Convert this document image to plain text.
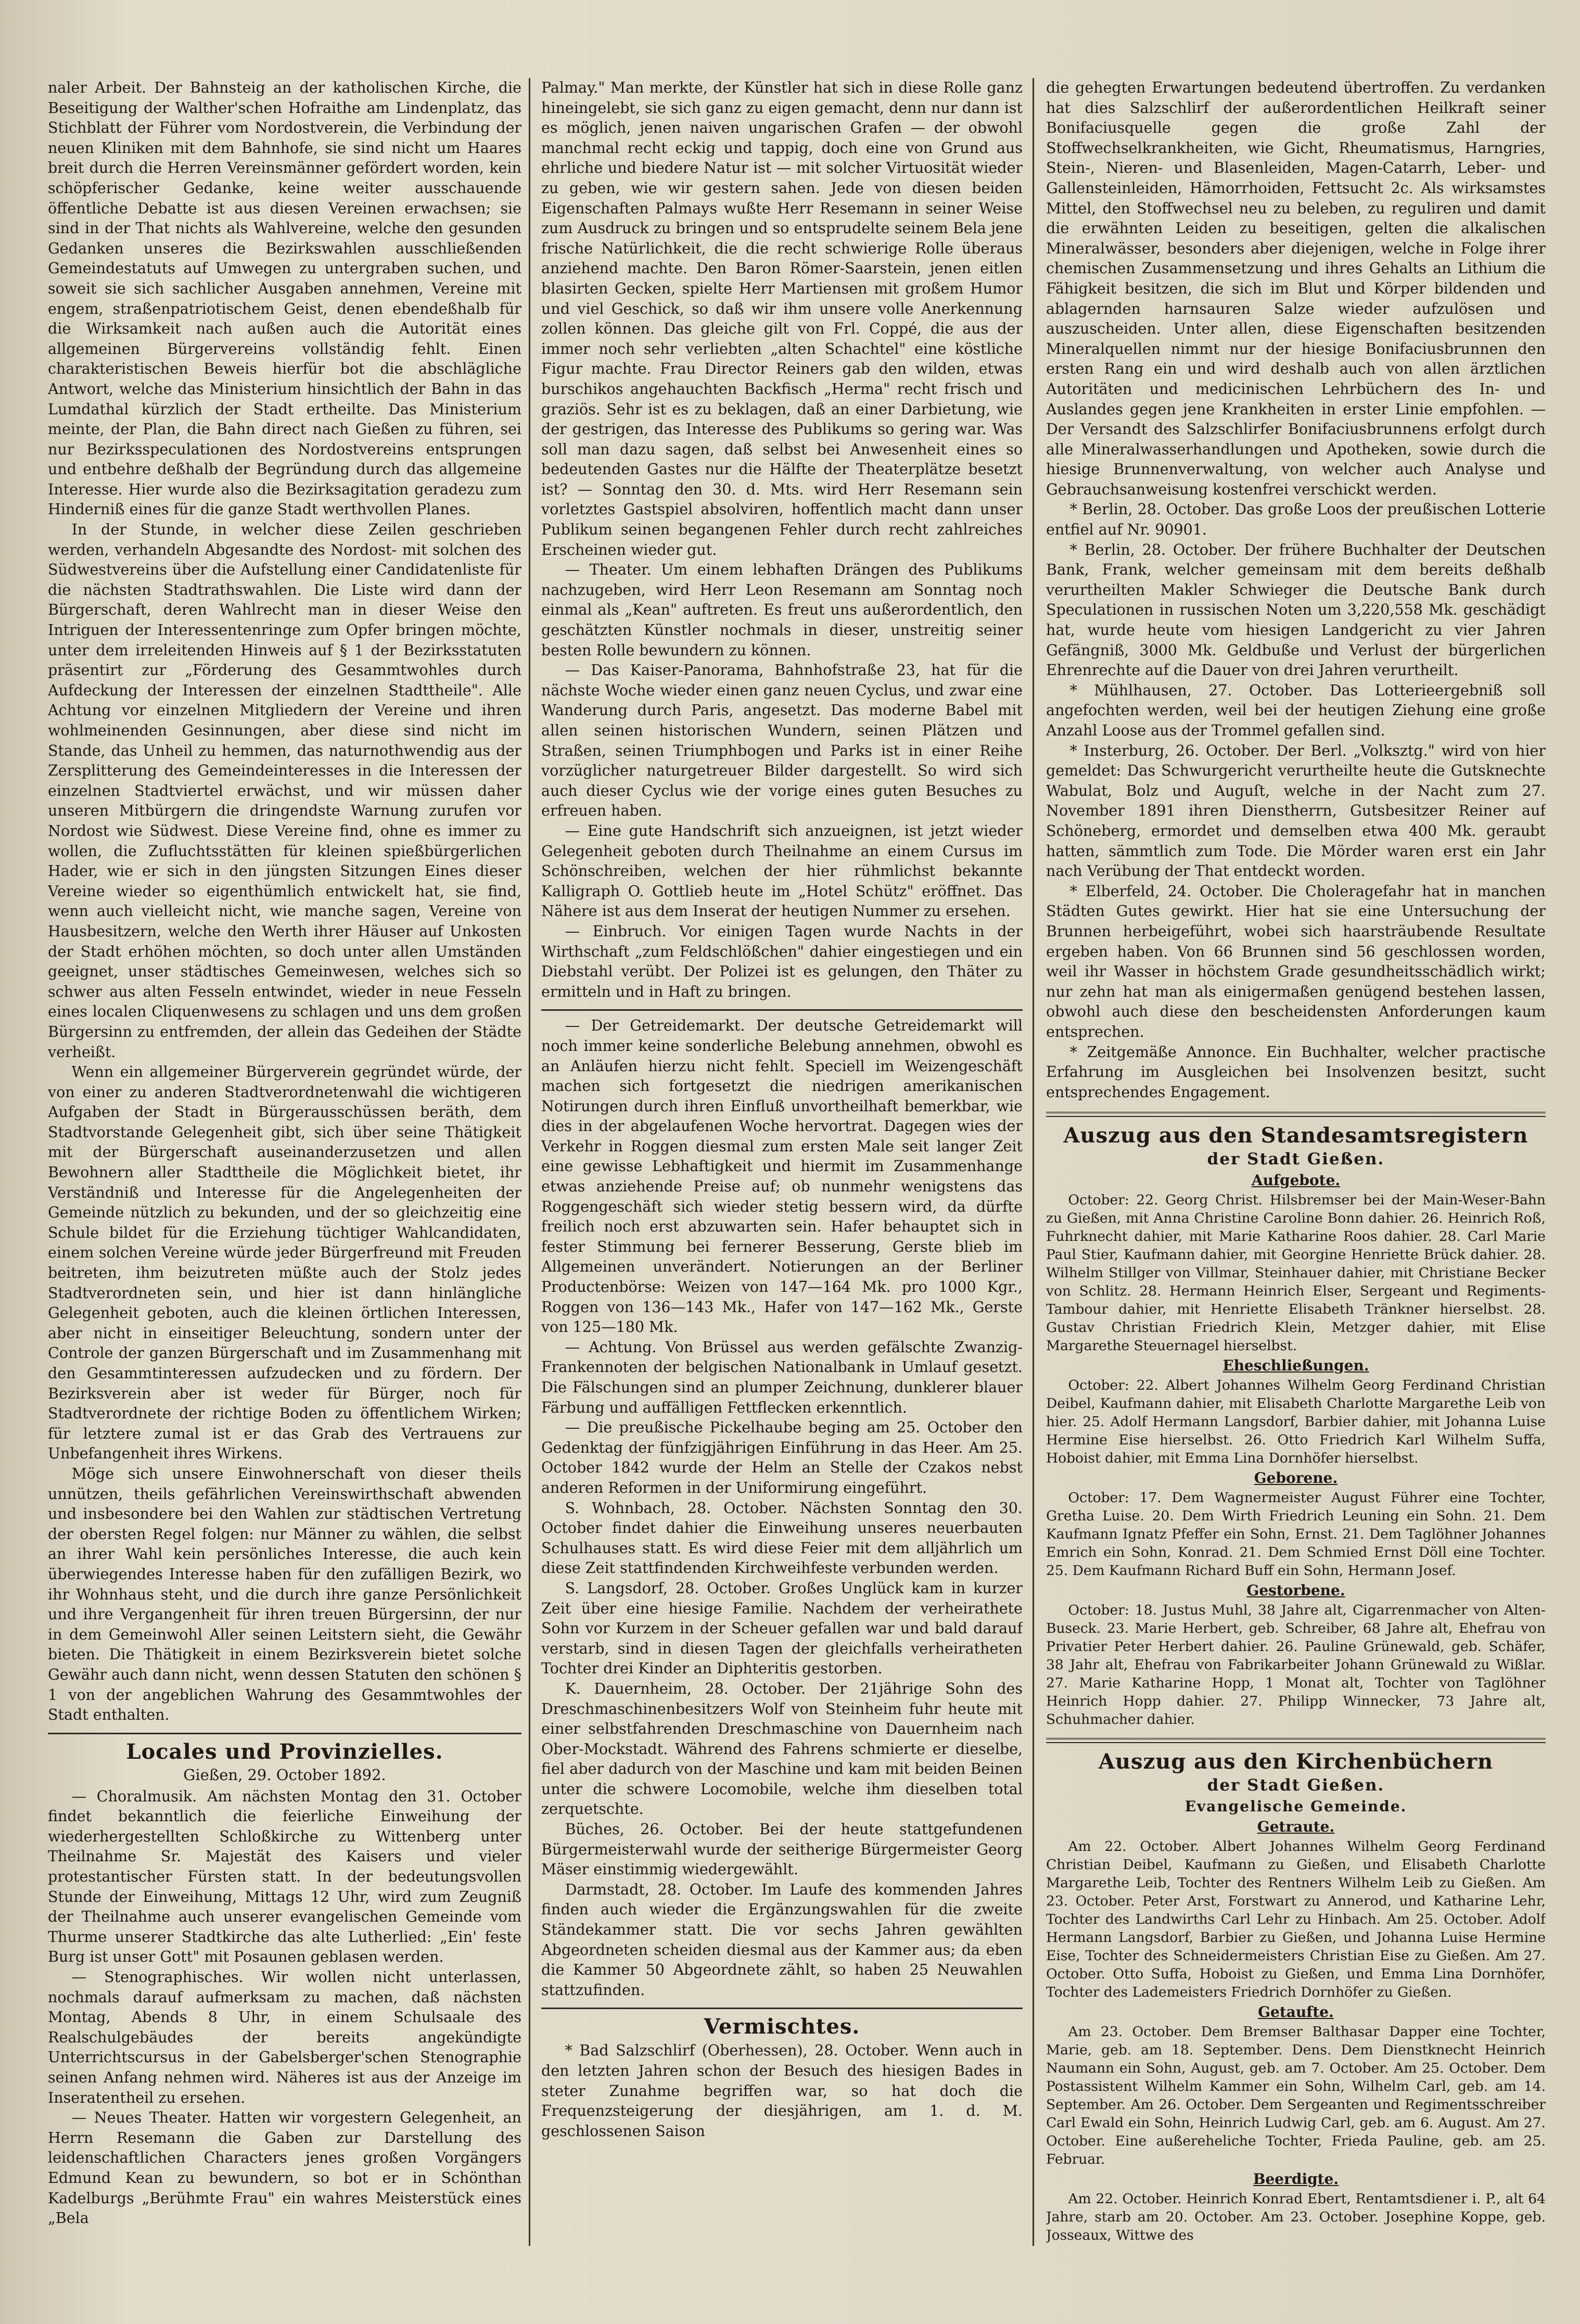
naler Arbeit. Der Bahnsteig an der katholischen Kirche, die Beseitigung der Walther'schen Hofraithe am Lindenplatz, das Stichblatt der Führer vom Nordostverein, die Verbindung der neuen Kliniken mit dem Bahnhofe, sie sind nicht um Haares breit durch die Herren Vereinsmänner gefördert worden, kein schöpferischer Gedanke, keine weiter ausschauende öffentliche Debatte ist aus diesen Vereinen erwachsen; sie sind in der That nichts als Wahlvereine, welche den gesunden Gedanken unseres die Bezirkswahlen ausschließenden Gemeindestatuts auf Umwegen zu untergraben suchen, und soweit sie sich sachlicher Ausgaben annehmen, Vereine mit engem, straßenpatriotischem Geist, denen ebendeßhalb für die Wirksamkeit nach außen auch die Autorität eines allgemeinen Bürgervereins vollständig fehlt. Einen charakteristischen Beweis hierfür bot die abschlägliche Antwort, welche das Ministerium hinsichtlich der Bahn in das Lumdathal kürzlich der Stadt ertheilte. Das Ministerium meinte, der Plan, die Bahn direct nach Gießen zu führen, sei nur Bezirksspeculationen des Nordostvereins entsprungen und entbehre deßhalb der Begründung durch das allgemeine Interesse. Hier wurde also die Bezirksagitation geradezu zum Hinderniß eines für die ganze Stadt werthvollen Planes.

In der Stunde, in welcher diese Zeilen geschrieben werden, verhandeln Abgesandte des Nordost- mit solchen des Südwestvereins über die Aufstellung einer Candidatenliste für die nächsten Stadtrathswahlen. Die Liste wird dann der Bürgerschaft, deren Wahlrecht man in dieser Weise den Intriguen der Interessentenringe zum Opfer bringen möchte, unter dem irreleitenden Hinweis auf § 1 der Bezirksstatuten präsentirt zur „Förderung des Gesammtwohles durch Aufdeckung der Interessen der einzelnen Stadttheile". Alle Achtung vor einzelnen Mitgliedern der Vereine und ihren wohlmeinenden Gesinnungen, aber diese sind nicht im Stande, das Unheil zu hemmen, das naturnothwendig aus der Zersplitterung des Gemeindeinteresses in die Interessen der einzelnen Stadtviertel erwächst, und wir müssen daher unseren Mitbürgern die dringendste Warnung zurufen vor Nordost wie Südwest. Diese Vereine find, ohne es immer zu wollen, die Zufluchtsstätten für kleinen spießbürgerlichen Hader, wie er sich in den jüngsten Sitzungen Eines dieser Vereine wieder so eigenthümlich entwickelt hat, sie find, wenn auch vielleicht nicht, wie manche sagen, Vereine von Hausbesitzern, welche den Werth ihrer Häuser auf Unkosten der Stadt erhöhen möchten, so doch unter allen Umständen geeignet, unser städtisches Gemeinwesen, welches sich so schwer aus alten Fesseln entwindet, wieder in neue Fesseln eines localen Cliquenwesens zu schlagen und uns dem großen Bürgersinn zu entfremden, der allein das Gedeihen der Städte verheißt.

Wenn ein allgemeiner Bürgerverein gegründet würde, der von einer zu anderen Stadtverordnetenwahl die wichtigeren Aufgaben der Stadt in Bürgerausschüssen beräth, dem Stadtvorstande Gelegenheit gibt, sich über seine Thätigkeit mit der Bürgerschaft auseinanderzusetzen und allen Bewohnern aller Stadttheile die Möglichkeit bietet, ihr Verständniß und Interesse für die Angelegenheiten der Gemeinde nützlich zu bekunden, und der so gleichzeitig eine Schule bildet für die Erziehung tüchtiger Wahlcandidaten, einem solchen Vereine würde jeder Bürgerfreund mit Freuden beitreten, ihm beizutreten müßte auch der Stolz jedes Stadtverordneten sein, und hier ist dann hinlängliche Gelegenheit geboten, auch die kleinen örtlichen Interessen, aber nicht in einseitiger Beleuchtung, sondern unter der Controle der ganzen Bürgerschaft und im Zusammenhang mit den Gesammtinteressen aufzudecken und zu fördern. Der Bezirksverein aber ist weder für Bürger, noch für Stadtverordnete der richtige Boden zu öffentlichem Wirken; für letztere zumal ist er das Grab des Vertrauens zur Unbefangenheit ihres Wirkens.

Möge sich unsere Einwohnerschaft von dieser theils unnützen, theils gefährlichen Vereinswirthschaft abwenden und insbesondere bei den Wahlen zur städtischen Vertretung der obersten Regel folgen: nur Männer zu wählen, die selbst an ihrer Wahl kein persönliches Interesse, die auch kein überwiegendes Interesse haben für den zufälligen Bezirk, wo ihr Wohnhaus steht, und die durch ihre ganze Persönlichkeit und ihre Vergangenheit für ihren treuen Bürgersinn, der nur in dem Gemeinwohl Aller seinen Leitstern sieht, die Gewähr bieten. Die Thätigkeit in einem Bezirksverein bietet solche Gewähr auch dann nicht, wenn dessen Statuten den schönen § 1 von der angeblichen Wahrung des Gesammtwohles der Stadt enthalten.

Locales und Provinzielles.
Gießen, 29. October 1892.

— Choralmusik. Am nächsten Montag den 31. October findet bekanntlich die feierliche Einweihung der wiederhergestellten Schloßkirche zu Wittenberg unter Theilnahme Sr. Majestät des Kaisers und vieler protestantischer Fürsten statt. In der bedeutungsvollen Stunde der Einweihung, Mittags 12 Uhr, wird zum Zeugniß der Theilnahme auch unserer evangelischen Gemeinde vom Thurme unserer Stadtkirche das alte Lutherlied: „Ein' feste Burg ist unser Gott" mit Posaunen geblasen werden.

— Stenographisches. Wir wollen nicht unterlassen, nochmals darauf aufmerksam zu machen, daß nächsten Montag, Abends 8 Uhr, in einem Schulsaale des Realschulgebäudes der bereits angekündigte Unterrichtscursus in der Gabelsberger'schen Stenographie seinen Anfang nehmen wird. Näheres ist aus der Anzeige im Inseratentheil zu ersehen.

— Neues Theater. Hatten wir vorgestern Gelegenheit, an Herrn Resemann die Gaben zur Darstellung des leidenschaftlichen Characters jenes großen Vorgängers Edmund Kean zu bewundern, so bot er in Schönthan Kadelburgs „Berühmte Frau" ein wahres Meisterstück eines „Bela

Palmay." Man merkte, der Künstler hat sich in diese Rolle ganz hineingelebt, sie sich ganz zu eigen gemacht, denn nur dann ist es möglich, jenen naiven ungarischen Grafen — der obwohl manchmal recht eckig und tappig, doch eine von Grund aus ehrliche und biedere Natur ist — mit solcher Virtuosität wieder zu geben, wie wir gestern sahen. Jede von diesen beiden Eigenschaften Palmays wußte Herr Resemann in seiner Weise zum Ausdruck zu bringen und so entsprudelte seinem Bela jene frische Natürlichkeit, die die recht schwierige Rolle überaus anziehend machte. Den Baron Römer-Saarstein, jenen eitlen blasirten Gecken, spielte Herr Martiensen mit großem Humor und viel Geschick, so daß wir ihm unsere volle Anerkennung zollen können. Das gleiche gilt von Frl. Coppé, die aus der immer noch sehr verliebten „alten Schachtel" eine köstliche Figur machte. Frau Director Reiners gab den wilden, etwas burschikos angehauchten Backfisch „Herma" recht frisch und graziös. Sehr ist es zu beklagen, daß an einer Darbietung, wie der gestrigen, das Interesse des Publikums so gering war. Was soll man dazu sagen, daß selbst bei Anwesenheit eines so bedeutenden Gastes nur die Hälfte der Theaterplätze besetzt ist? — Sonntag den 30. d. Mts. wird Herr Resemann sein vorletztes Gastspiel absolviren, hoffentlich macht dann unser Publikum seinen begangenen Fehler durch recht zahlreiches Erscheinen wieder gut.

— Theater. Um einem lebhaften Drängen des Publikums nachzugeben, wird Herr Leon Resemann am Sonntag noch einmal als „Kean" auftreten. Es freut uns außerordentlich, den geschätzten Künstler nochmals in dieser, unstreitig seiner besten Rolle bewundern zu können.

— Das Kaiser-Panorama, Bahnhofstraße 23, hat für die nächste Woche wieder einen ganz neuen Cyclus, und zwar eine Wanderung durch Paris, angesetzt. Das moderne Babel mit allen seinen historischen Wundern, seinen Plätzen und Straßen, seinen Triumphbogen und Parks ist in einer Reihe vorzüglicher naturgetreuer Bilder dargestellt. So wird sich auch dieser Cyclus wie der vorige eines guten Besuches zu erfreuen haben.

— Eine gute Handschrift sich anzueignen, ist jetzt wieder Gelegenheit geboten durch Theilnahme an einem Cursus im Schönschreiben, welchen der hier rühmlichst bekannte Kalligraph O. Gottlieb heute im „Hotel Schütz" eröffnet. Das Nähere ist aus dem Inserat der heutigen Nummer zu ersehen.

— Einbruch. Vor einigen Tagen wurde Nachts in der Wirthschaft „zum Feldschlößchen" dahier eingestiegen und ein Diebstahl verübt. Der Polizei ist es gelungen, den Thäter zu ermitteln und in Haft zu bringen.

— Der Getreidemarkt. Der deutsche Getreidemarkt will noch immer keine sonderliche Belebung annehmen, obwohl es an Anläufen hierzu nicht fehlt. Speciell im Weizengeschäft machen sich fortgesetzt die niedrigen amerikanischen Notirungen durch ihren Einfluß unvortheilhaft bemerkbar, wie dies in der abgelaufenen Woche hervortrat. Dagegen wies der Verkehr in Roggen diesmal zum ersten Male seit langer Zeit eine gewisse Lebhaftigkeit und hiermit im Zusammenhange etwas anziehende Preise auf; ob nunmehr wenigstens das Roggengeschäft sich wieder stetig bessern wird, da dürfte freilich noch erst abzuwarten sein. Hafer behauptet sich in fester Stimmung bei fernerer Besserung, Gerste blieb im Allgemeinen unverändert. Notierungen an der Berliner Productenbörse: Weizen von 147—164 Mk. pro 1000 Kgr., Roggen von 136—143 Mk., Hafer von 147—162 Mk., Gerste von 125—180 Mk.

— Achtung. Von Brüssel aus werden gefälschte Zwanzig-Frankennoten der belgischen Nationalbank in Umlauf gesetzt. Die Fälschungen sind an plumper Zeichnung, dunklerer blauer Färbung und auffälligen Fettflecken erkenntlich.

— Die preußische Pickelhaube beging am 25. October den Gedenktag der fünfzigjährigen Einführung in das Heer. Am 25. October 1842 wurde der Helm an Stelle der Czakos nebst anderen Reformen in der Uniformirung eingeführt.

S. Wohnbach, 28. October. Nächsten Sonntag den 30. October findet dahier die Einweihung unseres neuerbauten Schulhauses statt. Es wird diese Feier mit dem alljährlich um diese Zeit stattfindenden Kirchweihfeste verbunden werden.

S. Langsdorf, 28. October. Großes Unglück kam in kurzer Zeit über eine hiesige Familie. Nachdem der verheirathete Sohn vor Kurzem in der Scheuer gefallen war und bald darauf verstarb, sind in diesen Tagen der gleichfalls verheiratheten Tochter drei Kinder an Diphteritis gestorben.

K. Dauernheim, 28. October. Der 21jährige Sohn des Dreschmaschinenbesitzers Wolf von Steinheim fuhr heute mit einer selbstfahrenden Dreschmaschine von Dauernheim nach Ober-Mockstadt. Während des Fahrens schmierte er dieselbe, fiel aber dadurch von der Maschine und kam mit beiden Beinen unter die schwere Locomobile, welche ihm dieselben total zerquetschte.

Büches, 26. October. Bei der heute stattgefundenen Bürgermeisterwahl wurde der seitherige Bürgermeister Georg Mäser einstimmig wiedergewählt.

Darmstadt, 28. October. Im Laufe des kommenden Jahres finden auch wieder die Ergänzungswahlen für die zweite Ständekammer statt. Die vor sechs Jahren gewählten Abgeordneten scheiden diesmal aus der Kammer aus; da eben die Kammer 50 Abgeordnete zählt, so haben 25 Neuwahlen stattzufinden.

Vermischtes.

* Bad Salzschlirf (Oberhessen), 28. October. Wenn auch in den letzten Jahren schon der Besuch des hiesigen Bades in steter Zunahme begriffen war, so hat doch die Frequenzsteigerung der diesjährigen, am 1. d. M. geschlossenen Saison

die gehegten Erwartungen bedeutend übertroffen. Zu verdanken hat dies Salzschlirf der außerordentlichen Heilkraft seiner Bonifaciusquelle gegen die große Zahl der Stoffwechselkrankheiten, wie Gicht, Rheumatismus, Harngries, Stein-, Nieren- und Blasenleiden, Magen-Catarrh, Leber- und Gallensteinleiden, Hämorrhoiden, Fettsucht 2c. Als wirksamstes Mittel, den Stoffwechsel neu zu beleben, zu reguliren und damit die erwähnten Leiden zu beseitigen, gelten die alkalischen Mineralwässer, besonders aber diejenigen, welche in Folge ihrer chemischen Zusammensetzung und ihres Gehalts an Lithium die Fähigkeit besitzen, die sich im Blut und Körper bildenden und ablagernden harnsauren Salze wieder aufzulösen und auszuscheiden. Unter allen, diese Eigenschaften besitzenden Mineralquellen nimmt nur der hiesige Bonifaciusbrunnen den ersten Rang ein und wird deshalb auch von allen ärztlichen Autoritäten und medicinischen Lehrbüchern des In- und Auslandes gegen jene Krankheiten in erster Linie empfohlen. — Der Versandt des Salzschlirfer Bonifaciusbrunnens erfolgt durch alle Mineralwasserhandlungen und Apotheken, sowie durch die hiesige Brunnenverwaltung, von welcher auch Analyse und Gebrauchsanweisung kostenfrei verschickt werden.

* Berlin, 28. October. Das große Loos der preußischen Lotterie entfiel auf Nr. 90901.

* Berlin, 28. October. Der frühere Buchhalter der Deutschen Bank, Frank, welcher gemeinsam mit dem bereits deßhalb verurtheilten Makler Schwieger die Deutsche Bank durch Speculationen in russischen Noten um 3,220,558 Mk. geschädigt hat, wurde heute vom hiesigen Landgericht zu vier Jahren Gefängniß, 3000 Mk. Geldbuße und Verlust der bürgerlichen Ehrenrechte auf die Dauer von drei Jahren verurtheilt.

* Mühlhausen, 27. October. Das Lotterieergebniß soll angefochten werden, weil bei der heutigen Ziehung eine große Anzahl Loose aus der Trommel gefallen sind.

* Insterburg, 26. October. Der Berl. „Volksztg." wird von hier gemeldet: Das Schwurgericht verurtheilte heute die Gutsknechte Wabulat, Bolz und Auguſt, welche in der Nacht zum 27. November 1891 ihren Dienstherrn, Gutsbesitzer Reiner auf Schöneberg, ermordet und demselben etwa 400 Mk. geraubt hatten, sämmtlich zum Tode. Die Mörder waren erst ein Jahr nach Verübung der That entdeckt worden.

* Elberfeld, 24. October. Die Choleragefahr hat in manchen Städten Gutes gewirkt. Hier hat sie eine Untersuchung der Brunnen herbeigeführt, wobei sich haarsträubende Resultate ergeben haben. Von 66 Brunnen sind 56 geschlossen worden, weil ihr Wasser in höchstem Grade gesundheitsschädlich wirkt; nur zehn hat man als einigermaßen genügend bestehen lassen, obwohl auch diese den bescheidensten Anforderungen kaum entsprechen.

* Zeitgemäße Annonce. Ein Buchhalter, welcher practische Erfahrung im Ausgleichen bei Insolvenzen besitzt, sucht entsprechendes Engagement.

Auszug aus den Standesamtsregistern
der Stadt Gießen.
Aufgebote.

October: 22. Georg Christ. Hilsbremser bei der Main-Weser-Bahn zu Gießen, mit Anna Christine Caroline Bonn dahier. 26. Heinrich Roß, Fuhrknecht dahier, mit Marie Katharine Roos dahier. 28. Carl Marie Paul Stier, Kaufmann dahier, mit Georgine Henriette Brück dahier. 28. Wilhelm Stillger von Villmar, Steinhauer dahier, mit Christiane Becker von Schlitz. 28. Hermann Heinrich Elser, Sergeant und Regiments-Tambour dahier, mit Henriette Elisabeth Tränkner hierselbst. 28. Gustav Christian Friedrich Klein, Metzger dahier, mit Elise Margarethe Steuernagel hierselbst.

Eheschließungen.

October: 22. Albert Johannes Wilhelm Georg Ferdinand Christian Deibel, Kaufmann dahier, mit Elisabeth Charlotte Margarethe Leib von hier. 25. Adolf Hermann Langsdorf, Barbier dahier, mit Johanna Luise Hermine Eise hierselbst. 26. Otto Friedrich Karl Wilhelm Suffa, Hoboist dahier, mit Emma Lina Dornhöfer hierselbst.

Geborene.

October: 17. Dem Wagnermeister August Führer eine Tochter, Gretha Luise. 20. Dem Wirth Friedrich Leuning ein Sohn. 21. Dem Kaufmann Ignatz Pfeffer ein Sohn, Ernst. 21. Dem Taglöhner Johannes Emrich ein Sohn, Konrad. 21. Dem Schmied Ernst Döll eine Tochter. 25. Dem Kaufmann Richard Buff ein Sohn, Hermann Josef.

Gestorbene.

October: 18. Justus Muhl, 38 Jahre alt, Cigarrenmacher von Alten-Buseck. 23. Marie Herbert, geb. Schreiber, 68 Jahre alt, Ehefrau von Privatier Peter Herbert dahier. 26. Pauline Grünewald, geb. Schäfer, 38 Jahr alt, Ehefrau von Fabrikarbeiter Johann Grünewald zu Wißlar. 27. Marie Katharine Hopp, 1 Monat alt, Tochter von Taglöhner Heinrich Hopp dahier. 27. Philipp Winnecker, 73 Jahre alt, Schuhmacher dahier.

Auszug aus den Kirchenbüchern
der Stadt Gießen.
Evangelische Gemeinde.
Getraute.

Am 22. October. Albert Johannes Wilhelm Georg Ferdinand Christian Deibel, Kaufmann zu Gießen, und Elisabeth Charlotte Margarethe Leib, Tochter des Rentners Wilhelm Leib zu Gießen. Am 23. October. Peter Arst, Forstwart zu Annerod, und Katharine Lehr, Tochter des Landwirths Carl Lehr zu Hinbach. Am 25. October. Adolf Hermann Langsdorf, Barbier zu Gießen, und Johanna Luise Hermine Eise, Tochter des Schneidermeisters Christian Eise zu Gießen. Am 27. October. Otto Suffa, Hoboist zu Gießen, und Emma Lina Dornhöfer, Tochter des Lademeisters Friedrich Dornhöfer zu Gießen.

Getaufte.

Am 23. October. Dem Bremser Balthasar Dapper eine Tochter, Marie, geb. am 18. September. Dens. Dem Dienstknecht Heinrich Naumann ein Sohn, August, geb. am 7. October. Am 25. October. Dem Postassistent Wilhelm Kammer ein Sohn, Wilhelm Carl, geb. am 14. September. Am 26. October. Dem Sergeanten und Regimentsschreiber Carl Ewald ein Sohn, Heinrich Ludwig Carl, geb. am 6. August. Am 27. October. Eine außereheliche Tochter, Frieda Pauline, geb. am 25. Februar.

Beerdigte.

Am 22. October. Heinrich Konrad Ebert, Rentamtsdiener i. P., alt 64 Jahre, starb am 20. October. Am 23. October. Josephine Koppe, geb. Josseaux, Wittwe des
